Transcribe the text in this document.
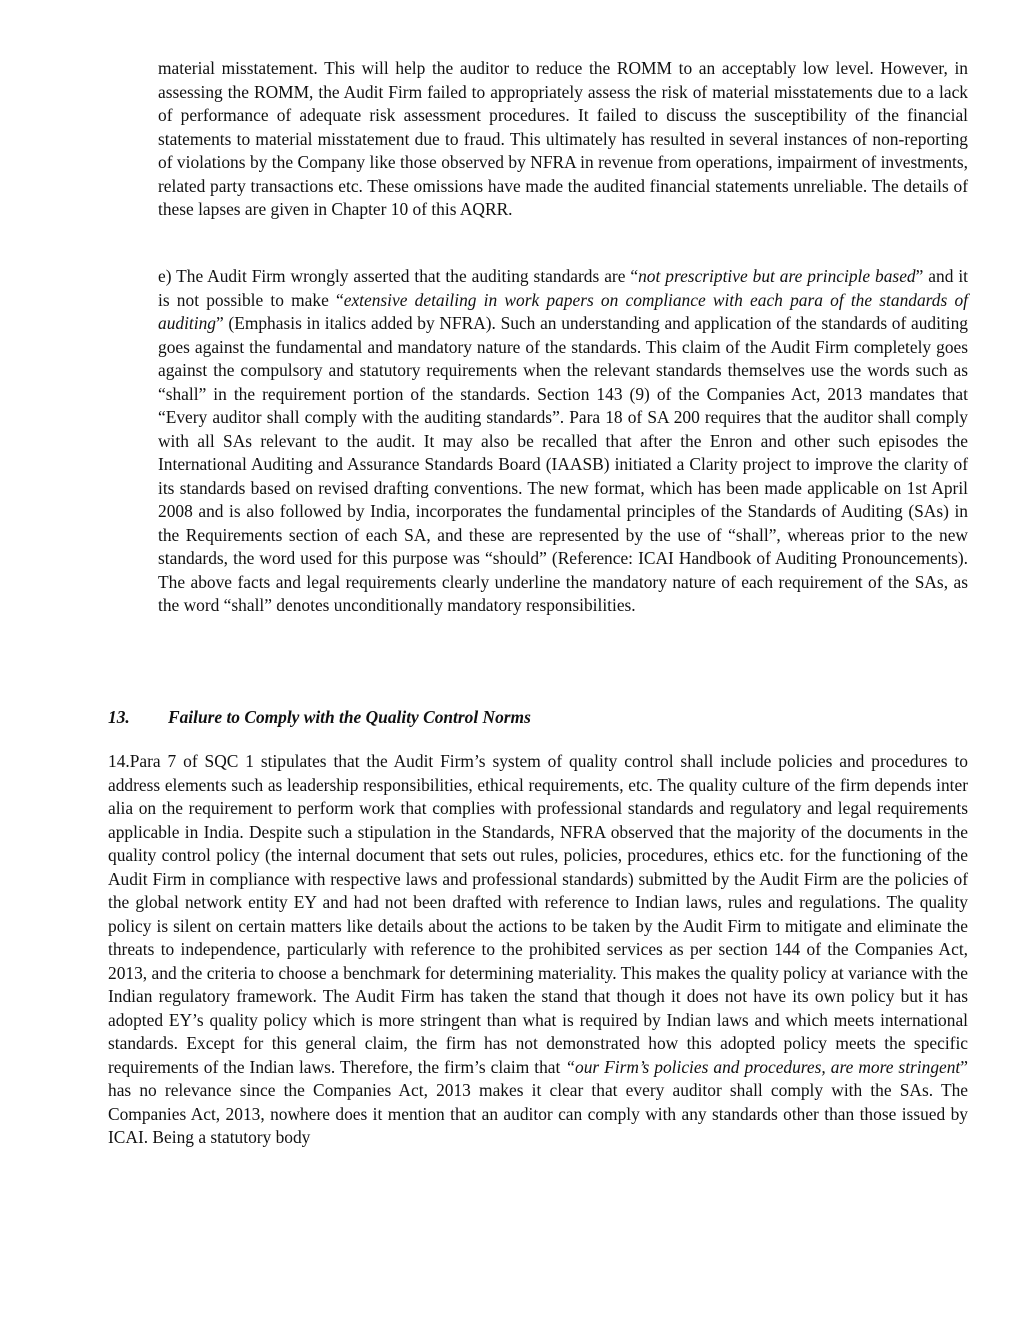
material misstatement. This will help the auditor to reduce the ROMM to an acceptably low level. However, in assessing the ROMM, the Audit Firm failed to appropriately assess the risk of material misstatements due to a lack of performance of adequate risk assessment procedures. It failed to discuss the susceptibility of the financial statements to material misstatement due to fraud. This ultimately has resulted in several instances of non-reporting of violations by the Company like those observed by NFRA in revenue from operations, impairment of investments, related party transactions etc. These omissions have made the audited financial statements unreliable. The details of these lapses are given in Chapter 10 of this AQRR.

e) The Audit Firm wrongly asserted that the auditing standards are “not prescriptive but are principle based” and it is not possible to make “extensive detailing in work papers on compliance with each para of the standards of auditing” (Emphasis in italics added by NFRA). Such an understanding and application of the standards of auditing goes against the fundamental and mandatory nature of the standards. This claim of the Audit Firm completely goes against the compulsory and statutory requirements when the relevant standards themselves use the words such as “shall” in the requirement portion of the standards. Section 143 (9) of the Companies Act, 2013 mandates that “Every auditor shall comply with the auditing standards”. Para 18 of SA 200 requires that the auditor shall comply with all SAs relevant to the audit. It may also be recalled that after the Enron and other such episodes the International Auditing and Assurance Standards Board (IAASB) initiated a Clarity project to improve the clarity of its standards based on revised drafting conventions. The new format, which has been made applicable on 1st April 2008 and is also followed by India, incorporates the fundamental principles of the Standards of Auditing (SAs) in the Requirements section of each SA, and these are represented by the use of “shall”, whereas prior to the new standards, the word used for this purpose was “should” (Reference: ICAI Handbook of Auditing Pronouncements). The above facts and legal requirements clearly underline the mandatory nature of each requirement of the SAs, as the word “shall” denotes unconditionally mandatory responsibilities.

13. Failure to Comply with the Quality Control Norms

14.Para 7 of SQC 1 stipulates that the Audit Firm’s system of quality control shall include policies and procedures to address elements such as leadership responsibilities, ethical requirements, etc. The quality culture of the firm depends inter alia on the requirement to perform work that complies with professional standards and regulatory and legal requirements applicable in India. Despite such a stipulation in the Standards, NFRA observed that the majority of the documents in the quality control policy (the internal document that sets out rules, policies, procedures, ethics etc. for the functioning of the Audit Firm in compliance with respective laws and professional standards) submitted by the Audit Firm are the policies of the global network entity EY and had not been drafted with reference to Indian laws, rules and regulations. The quality policy is silent on certain matters like details about the actions to be taken by the Audit Firm to mitigate and eliminate the threats to independence, particularly with reference to the prohibited services as per section 144 of the Companies Act, 2013, and the criteria to choose a benchmark for determining materiality. This makes the quality policy at variance with the Indian regulatory framework. The Audit Firm has taken the stand that though it does not have its own policy but it has adopted EY’s quality policy which is more stringent than what is required by Indian laws and which meets international standards. Except for this general claim, the firm has not demonstrated how this adopted policy meets the specific requirements of the Indian laws. Therefore, the firm’s claim that “our Firm’s policies and procedures, are more stringent” has no relevance since the Companies Act, 2013 makes it clear that every auditor shall comply with the SAs. The Companies Act, 2013, nowhere does it mention that an auditor can comply with any standards other than those issued by ICAI. Being a statutory body
